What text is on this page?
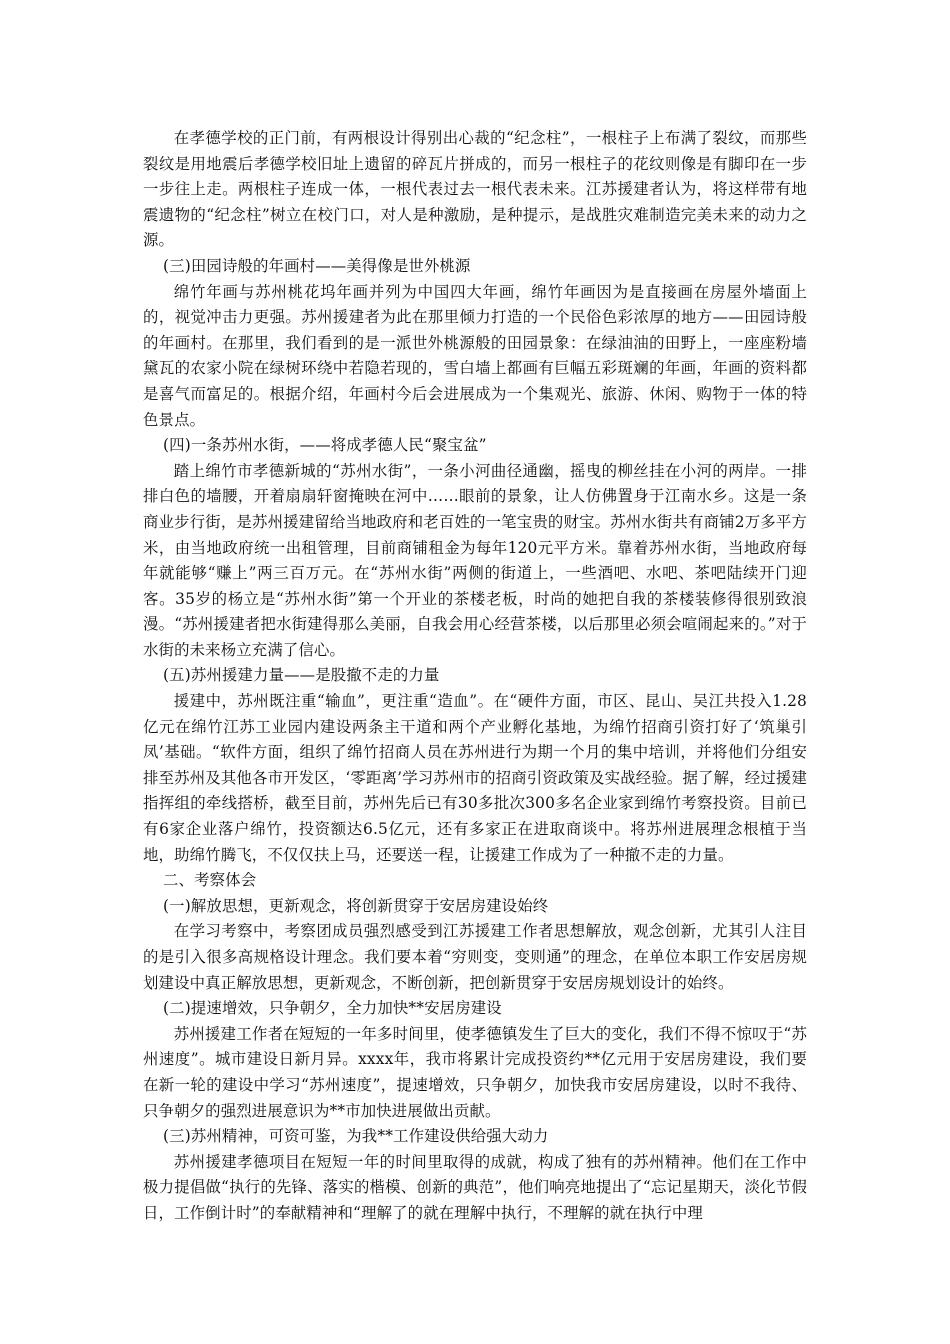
在孝德学校的正门前，有两根设计得别出心裁的“纪念柱”，一根柱子上布满了裂纹，而那些裂纹是用地震后孝德学校旧址上遗留的碎瓦片拼成的，而另一根柱子的花纹则像是有脚印在一步一步往上走。两根柱子连成一体，一根代表过去一根代表未来。江苏援建者认为，将这样带有地震遗物的“纪念柱”树立在校门口，对人是种激励，是种提示，是战胜灾难制造完美未来的动力之源。

(三)田园诗般的年画村——美得像是世外桃源

绵竹年画与苏州桃花坞年画并列为中国四大年画，绵竹年画因为是直接画在房屋外墙面上的，视觉冲击力更强。苏州援建者为此在那里倾力打造的一个民俗色彩浓厚的地方——田园诗般的年画村。在那里，我们看到的是一派世外桃源般的田园景象：在绿油油的田野上，一座座粉墙黛瓦的农家小院在绿树环绕中若隐若现的，雪白墙上都画有巨幅五彩斑斓的年画，年画的资料都是喜气而富足的。根据介绍，年画村今后会进展成为一个集观光、旅游、休闲、购物于一体的特色景点。

(四)一条苏州水街，——将成孝德人民“聚宝盆”

踏上绵竹市孝德新城的“苏州水街”，一条小河曲径通幽，摇曳的柳丝挂在小河的两岸。一排排白色的墙腰，开着扇扇轩窗掩映在河中……眼前的景象，让人仿佛置身于江南水乡。这是一条商业步行街，是苏州援建留给当地政府和老百姓的一笔宝贵的财宝。苏州水街共有商铺2万多平方米，由当地政府统一出租管理，目前商铺租金为每年120元平方米。靠着苏州水街，当地政府每年就能够“赚上”两三百万元。在“苏州水街”两侧的街道上，一些酒吧、水吧、茶吧陆续开门迎客。35岁的杨立是“苏州水街”第一个开业的茶楼老板，时尚的她把自我的茶楼装修得很别致浪漫。“苏州援建者把水街建得那么美丽，自我会用心经营茶楼，以后那里必须会喧闹起来的。”对于水街的未来杨立充满了信心。

(五)苏州援建力量——是股撤不走的力量

援建中，苏州既注重“输血”，更注重“造血”。在“硬件方面，市区、昆山、吴江共投入1.28亿元在绵竹江苏工业园内建设两条主干道和两个产业孵化基地，为绵竹招商引资打好了‘筑巢引凤’基础。“软件方面，组织了绵竹招商人员在苏州进行为期一个月的集中培训，并将他们分组安排至苏州及其他各市开发区，‘零距离’学习苏州市的招商引资政策及实战经验。据了解，经过援建指挥组的牵线搭桥，截至目前，苏州先后已有30多批次300多名企业家到绵竹考察投资。目前已有6家企业落户绵竹，投资额达6.5亿元，还有多家正在进取商谈中。将苏州进展理念根植于当地，助绵竹腾飞，不仅仅扶上马，还要送一程，让援建工作成为了一种撤不走的力量。

二、考察体会

(一)解放思想，更新观念，将创新贯穿于安居房建设始终

在学习考察中，考察团成员强烈感受到江苏援建工作者思想解放，观念创新，尤其引人注目的是引入很多高规格设计理念。我们要本着“穷则变，变则通”的理念，在单位本职工作安居房规划建设中真正解放思想，更新观念，不断创新，把创新贯穿于安居房规划设计的始终。

(二)提速增效，只争朝夕，全力加快**安居房建设

苏州援建工作者在短短的一年多时间里，使孝德镇发生了巨大的变化，我们不得不惊叹于“苏州速度”。城市建设日新月异。xxxx年，我市将累计完成投资约**亿元用于安居房建设，我们要在新一轮的建设中学习“苏州速度”，提速增效，只争朝夕，加快我市安居房建设，以时不我待、只争朝夕的强烈进展意识为**市加快进展做出贡献。

(三)苏州精神，可资可鉴，为我**工作建设供给强大动力

苏州援建孝德项目在短短一年的时间里取得的成就，构成了独有的苏州精神。他们在工作中极力提倡做“执行的先锋、落实的楷模、创新的典范”，他们响亮地提出了“忘记星期天，淡化节假日，工作倒计时”的奉献精神和“理解了的就在理解中执行，不理解的就在执行中理
